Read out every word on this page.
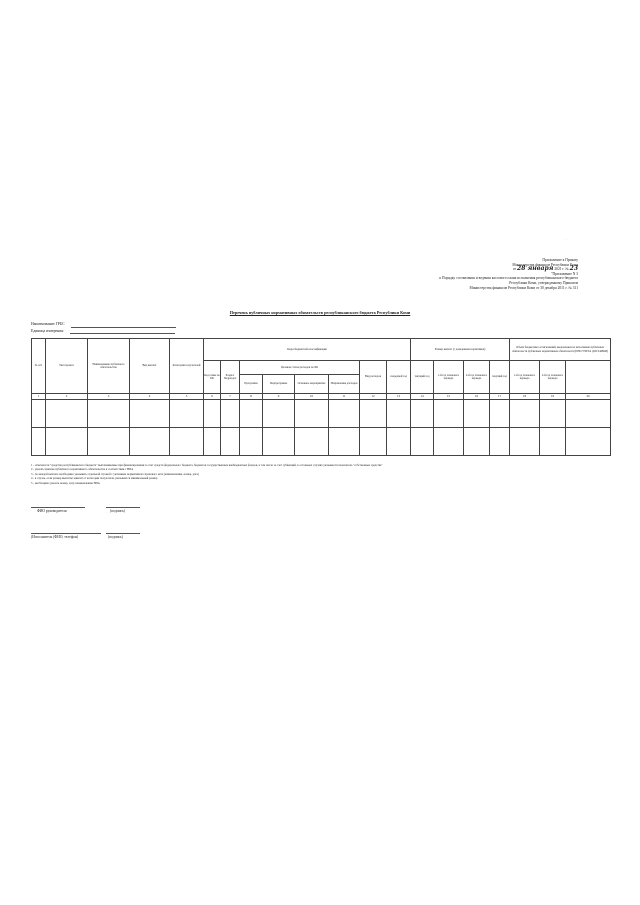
,
Приложение к Приказу
Министерства финансов Республики Коми
от 28 января 2021 г. № 23
"Приложение N 3
к Порядку составления и ведения кассового плана исполнения республиканского бюджета
Республики Коми, утвержденному Приказом
Министерства финансов Республики Коми от 30 декабря 2011 г. № 311
Перечень публичных нормативных обязательств республиканского бюджета Республики Коми
Наименование ГРБС
Единица измерения:
№ п/п	Тип проекта	Наименование публичного обязательства	Вид выплат	Категория получателей	Коды бюджетной классификации								Размер выплат (с доведением нормативов)				Объем бюджетных ассигнований, выделенных на исполнение публичных обязательств публичных нормативных обязательств (ПНО УЧЕТА ДОСТАВКИ)	
					Код главы по БК	Раздел/ Подраздел	Целевая статья расходов по БК				Вид расходов	очередной год	текущий год	1-й год планового периода	2-й год планового периода	текущий год	1-й год планового периода	2-й год планового периода		
							Программа	Подпрограмма	Основное мероприятие	Направление расходов										
1	2	3	4	5	6	7	8	9	10	11	12	13	14	15	16	17	18	19	20	

1 - отмечаются "средства республиканского бюджета" выплачиваемые при финансировании за счет средств федерального бюджета, бюджетов государственных внебюджетных фондов, в том числе за счет субвенций, в остальных случаях указывается показатель "собственные средства"
2 - указать признак публичного нормативного обязательства в соответствии с НПА
3 - по каждой выплате необходимо указывать отдельной строкой с указанием нормативного правового акта (наименование, номер, дата)
4 - в случае, если размер выплаты зависит от категории получателя, указывается минимальный размер
5 - необходимо указать номер, дату, наименование НПА
ФИО руководителя	(подпись)
(Исполнитель (ФИО, телефон)	(подпись)
